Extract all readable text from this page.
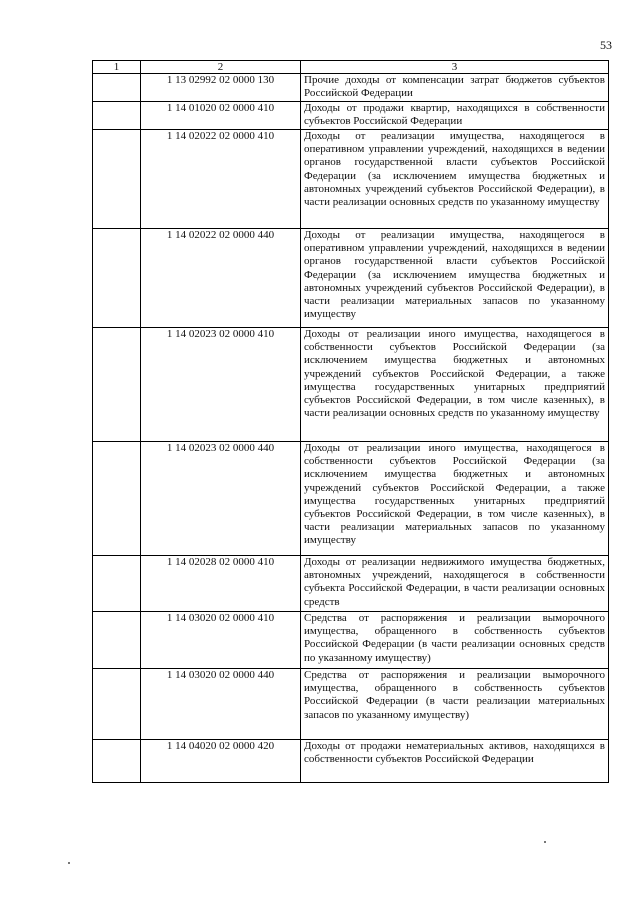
53
1	2	3
	1 13 02992 02 0000 130	Прочие доходы от компенсации затрат бюджетов субъектов Российской Федерации
	1 14 01020 02 0000 410	Доходы от продажи квартир, находящихся в собственности субъектов Российской Федерации
	1 14 02022 02 0000 410	Доходы от реализации имущества, находящегося в оперативном управлении учреждений, находящихся в ведении органов государственной власти субъектов Российской Федерации (за исключением имущества бюджетных и автономных учреждений субъектов Российской Федерации), в части реализации основных средств по указанному имуществу
	1 14 02022 02 0000 440	Доходы от реализации имущества, находящегося в оперативном управлении учреждений, находящихся в ведении органов государственной власти субъектов Российской Федерации (за исключением имущества бюджетных и автономных учреждений субъектов Российской Федерации), в части реализации материальных запасов по указанному имуществу
	1 14 02023 02 0000 410	Доходы от реализации иного имущества, находящегося в собственности субъектов Российской Федерации (за исключением имущества бюджетных и автономных учреждений субъектов Российской Федерации, а также имущества государственных унитарных предприятий субъектов Российской Федерации, в том числе казенных), в части реализации основных средств по указанному имуществу
	1 14 02023 02 0000 440	Доходы от реализации иного имущества, находящегося в собственности субъектов Российской Федерации (за исключением имущества бюджетных и автономных учреждений субъектов Российской Федерации, а также имущества государственных унитарных предприятий субъектов Российской Федерации, в том числе казенных), в части реализации материальных запасов по указанному имуществу
	1 14 02028 02 0000 410	Доходы от реализации недвижимого имущества бюджетных, автономных учреждений, находящегося в собственности субъекта Российской Федерации, в части реализации основных средств
	1 14 03020 02 0000 410	Средства от распоряжения и реализации выморочного имущества, обращенного в собственность субъектов Российской Федерации (в части реализации основных средств по указанному имуществу)
	1 14 03020 02 0000 440	Средства от распоряжения и реализации выморочного имущества, обращенного в собственность субъектов Российской Федерации (в части реализации материальных запасов по указанному имуществу)
	1 14 04020 02 0000 420	Доходы от продажи нематериальных активов, находящихся в собственности субъектов Российской Федерации
